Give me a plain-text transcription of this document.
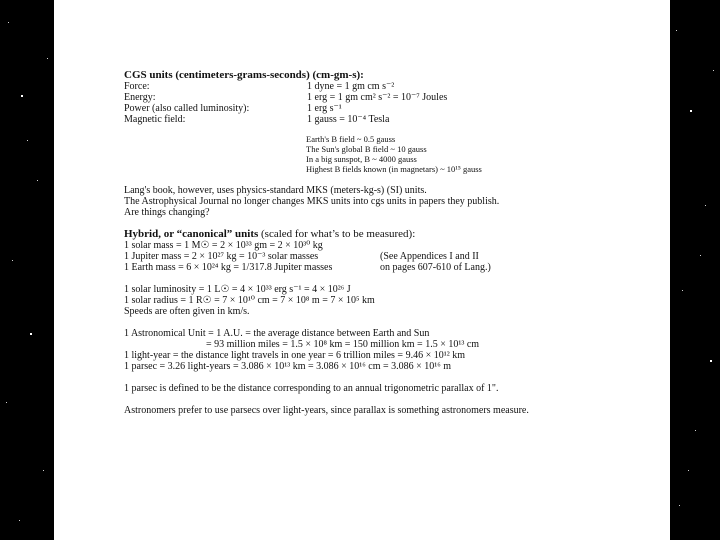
CGS units (centimeters-grams-seconds) (cm-gm-s):
Force:	1 dyne = 1 gm cm s⁻²
Energy:	1 erg = 1 gm cm² s⁻² = 10⁻⁷ Joules
Power (also called luminosity):	1 erg s⁻¹
Magnetic field:	1 gauss = 10⁻⁴ Tesla
Earth's B field ~ 0.5 gauss
The Sun's global B field ~ 10 gauss
In a big sunspot, B ~ 4000 gauss
Highest B fields known (in magnetars) ~ 10¹⁵ gauss
Lang's book, however, uses physics-standard MKS (meters-kg-s) (SI) units.
The Astrophysical Journal no longer changes MKS units into cgs units in papers they publish.
Are things changing?
Hybrid, or “canonical” units (scaled for what’s to be measured):
1 solar mass = 1 M☉ = 2 × 10³³ gm = 2 × 10³⁰ kg
1 Jupiter mass = 2 × 10²⁷ kg = 10⁻³ solar masses	(See Appendices I and II
1 Earth mass = 6 × 10²⁴ kg = 1/317.8 Jupiter masses	on pages 607-610 of Lang.)
1 solar luminosity = 1 L☉ = 4 × 10³³ erg s⁻¹ = 4 × 10²⁶ J
1 solar radius = 1 R☉ = 7 × 10¹⁰ cm = 7 × 10⁸ m = 7 × 10⁵ km
Speeds are often given in km/s.
1 Astronomical Unit = 1 A.U. = the average distance between Earth and Sun
= 93 million miles = 1.5 × 10⁸ km = 150 million km = 1.5 × 10¹³ cm
1 light-year = the distance light travels in one year = 6 trillion miles = 9.46 × 10¹² km
1 parsec = 3.26 light-years = 3.086 × 10¹³ km = 3.086 × 10¹⁶ cm = 3.086 × 10¹⁶ m
1 parsec is defined to be the distance corresponding to an annual trigonometric parallax of 1".
Astronomers prefer to use parsecs over light-years, since parallax is something astronomers measure.
